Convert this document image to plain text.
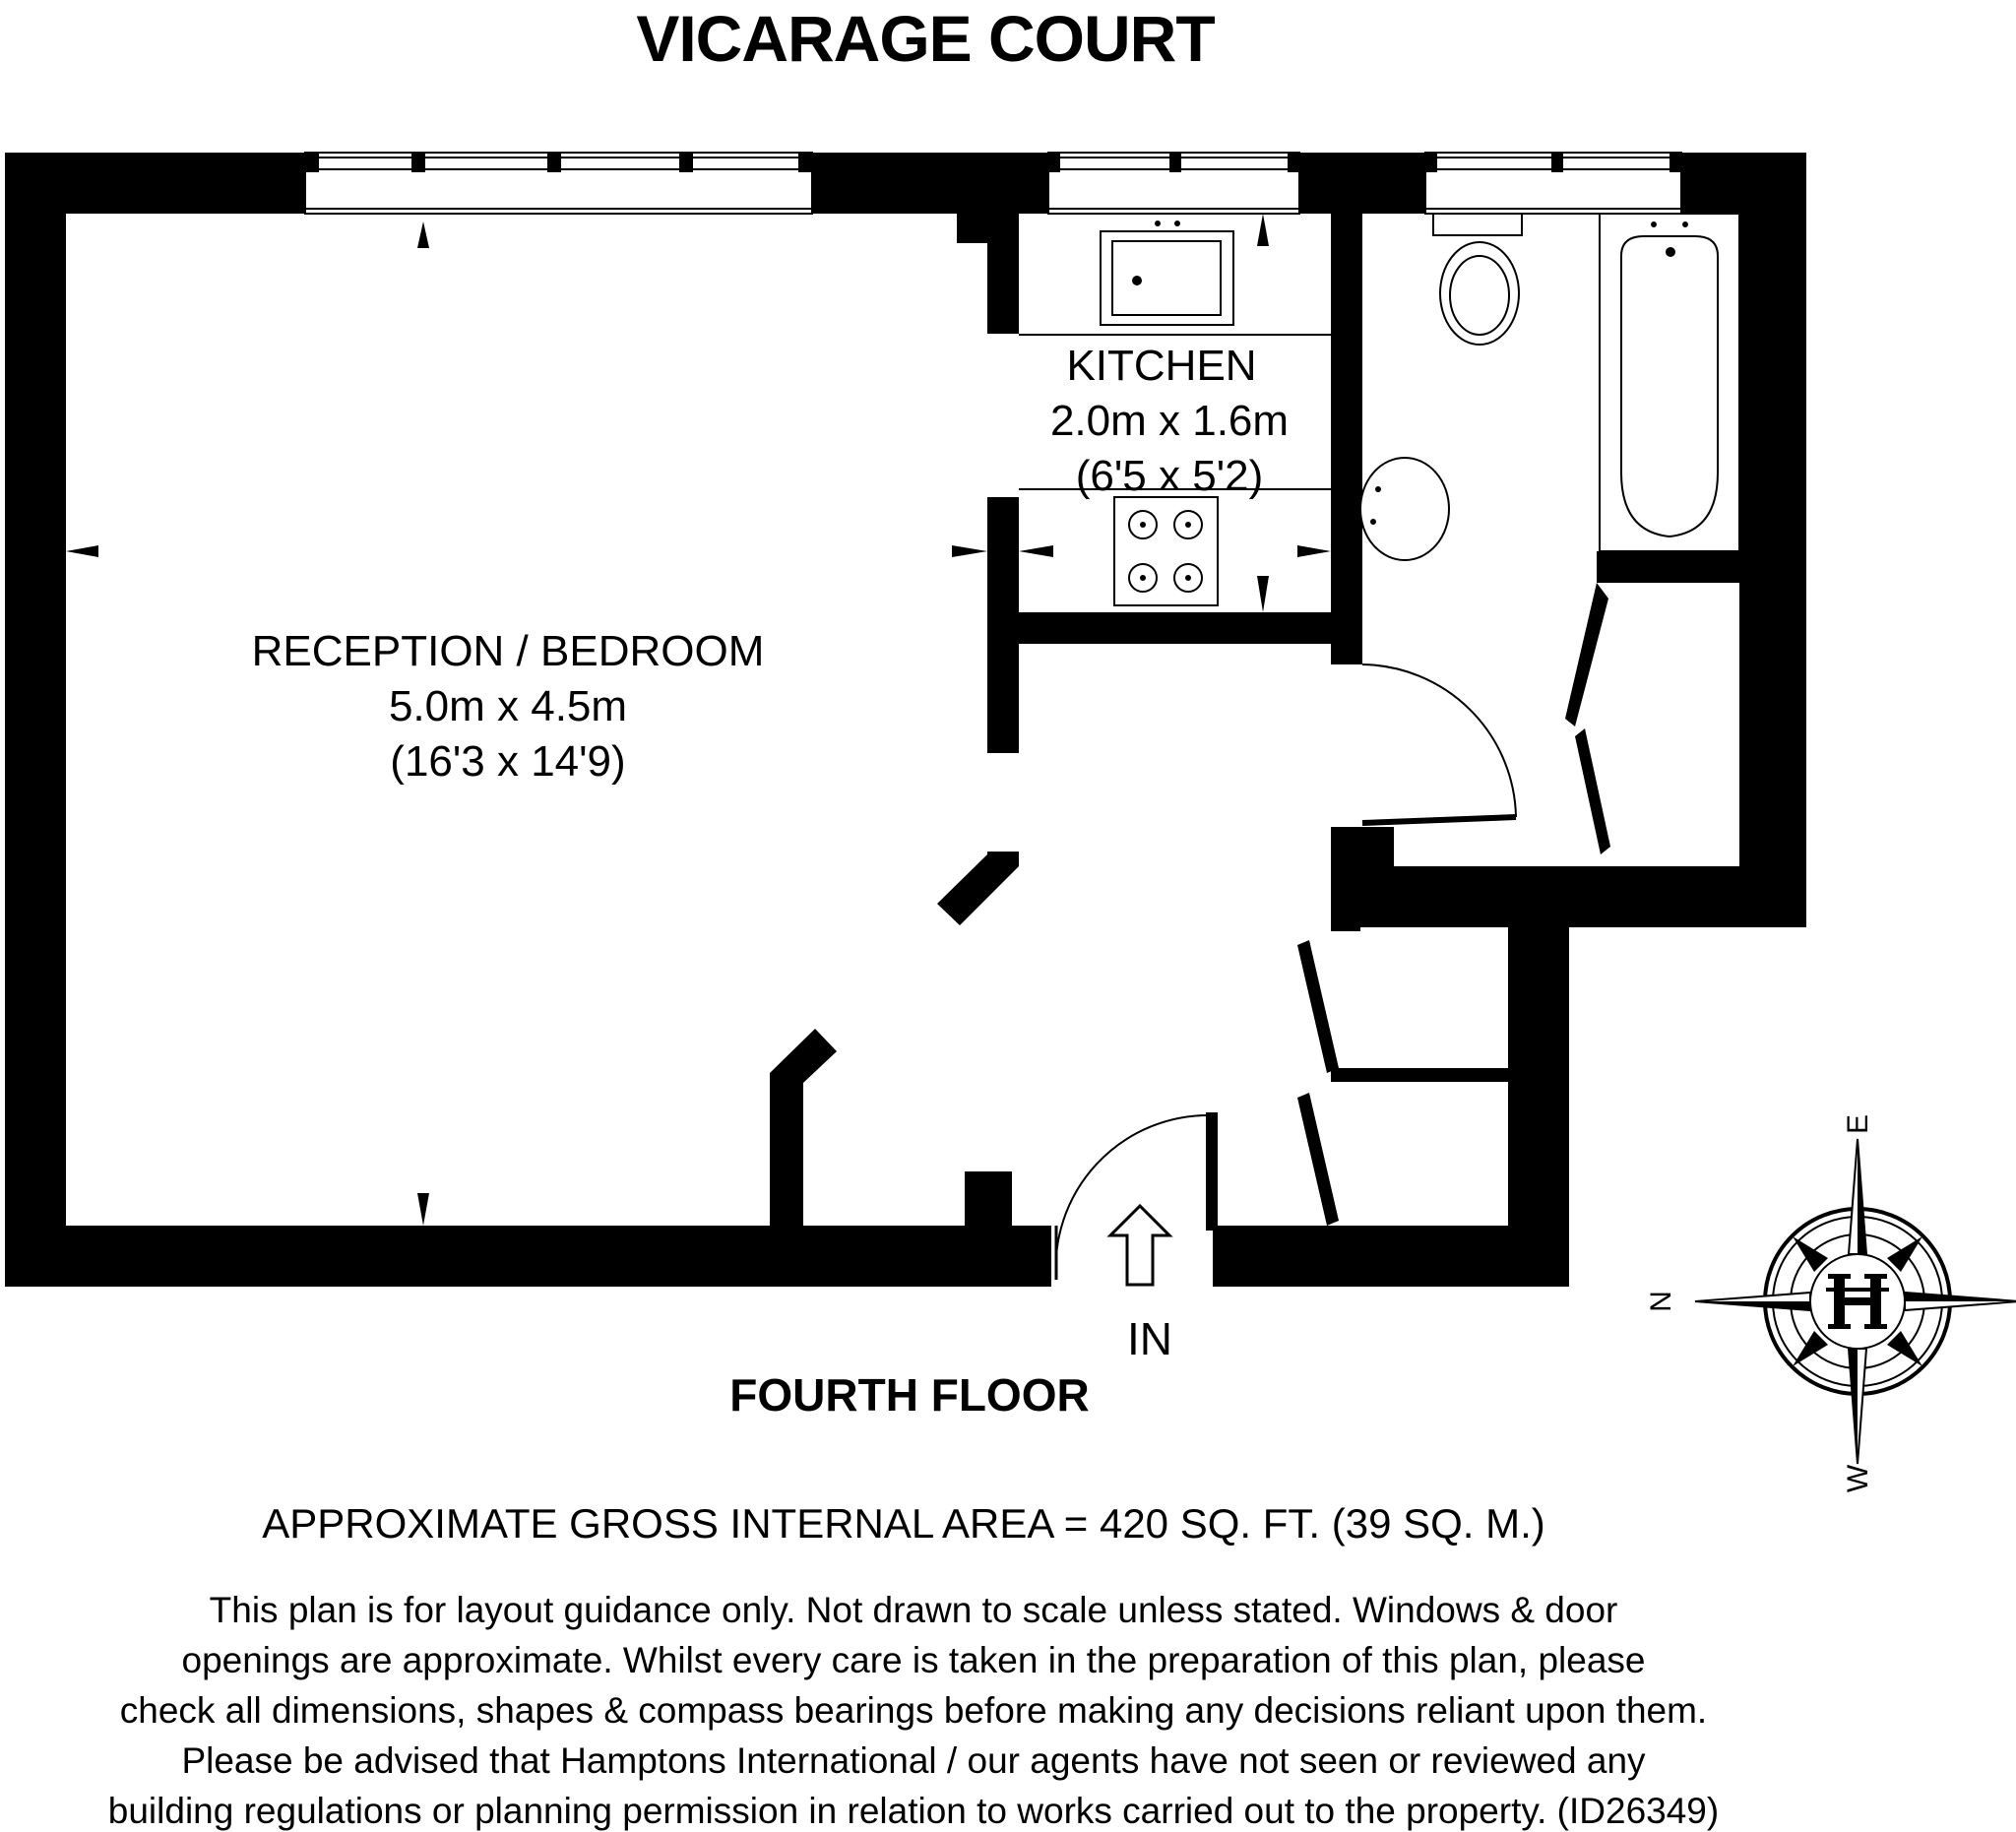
VICARAGE COURT
RECEPTION / BEDROOM
5.0m x 4.5m
(16'3 x 14'9)
KITCHEN
2.0m x 1.6m
(6'5 x 5'2)
IN
FOURTH FLOOR
E
N
W
APPROXIMATE GROSS INTERNAL AREA = 420 SQ. FT. (39 SQ. M.)
This plan is for layout guidance only. Not drawn to scale unless stated. Windows & door
openings are approximate. Whilst every care is taken in the preparation of this plan, please
check all dimensions, shapes & compass bearings before making any decisions reliant upon them.
Please be advised that Hamptons International / our agents have not seen or reviewed any
building regulations or planning permission in relation to works carried out to the property. (ID26349)
